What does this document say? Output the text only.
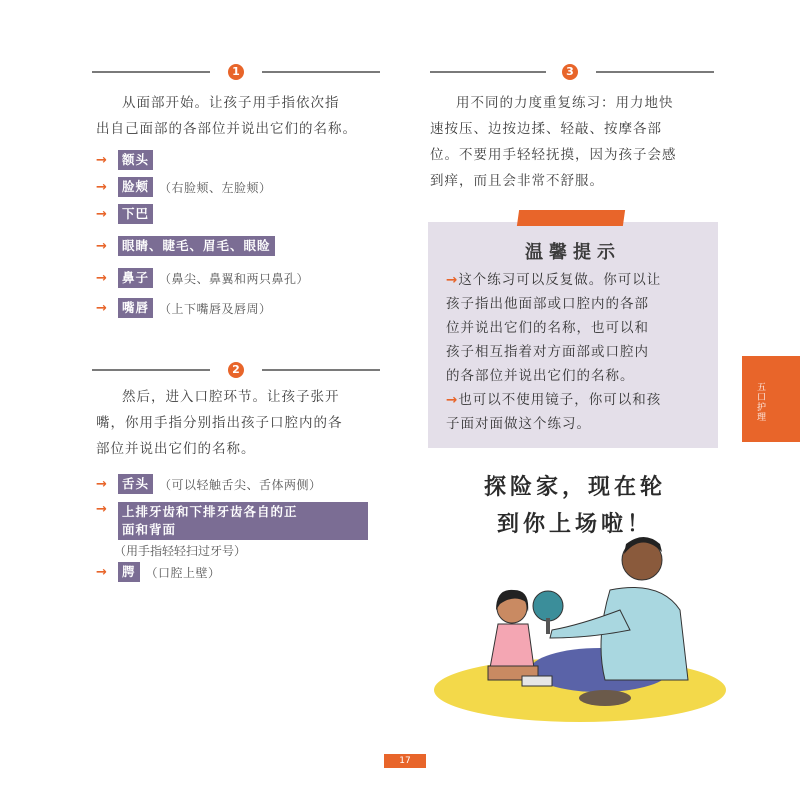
1
从面部开始。让孩子用手指依次指
出自己面部的各部位并说出它们的名称。
→	额头
→	脸颊 （右脸颊、左脸颊）
→	下巴
→	眼睛、睫毛、眉毛、眼睑
→	鼻子 （鼻尖、鼻翼和两只鼻孔）
→	嘴唇 （上下嘴唇及唇周）
2
然后，进入口腔环节。让孩子张开
嘴，你用手指分别指出孩子口腔内的各
部位并说出它们的名称。
→	舌头 （可以轻触舌尖、舌体两侧）
→ 上排牙齿和下排牙齿各自的正
面和背面
（用手指轻轻扫过牙号）
→	腭 （口腔上壁）
3
用不同的力度重复练习：用力地快
速按压、边按边揉、轻敲、按摩各部
位。不要用手轻轻抚摸，因为孩子会感
到痒，而且会非常不舒服。
温馨提示
→这个练习可以反复做。你可以让
孩子指出他面部或口腔内的各部
位并说出它们的名称，也可以和
孩子相互指着对方面部或口腔内
的各部位并说出它们的名称。
→也可以不使用镜子，你可以和孩
子面对面做这个练习。
探险家，现在轮
到你上场啦！
五口护理
17
